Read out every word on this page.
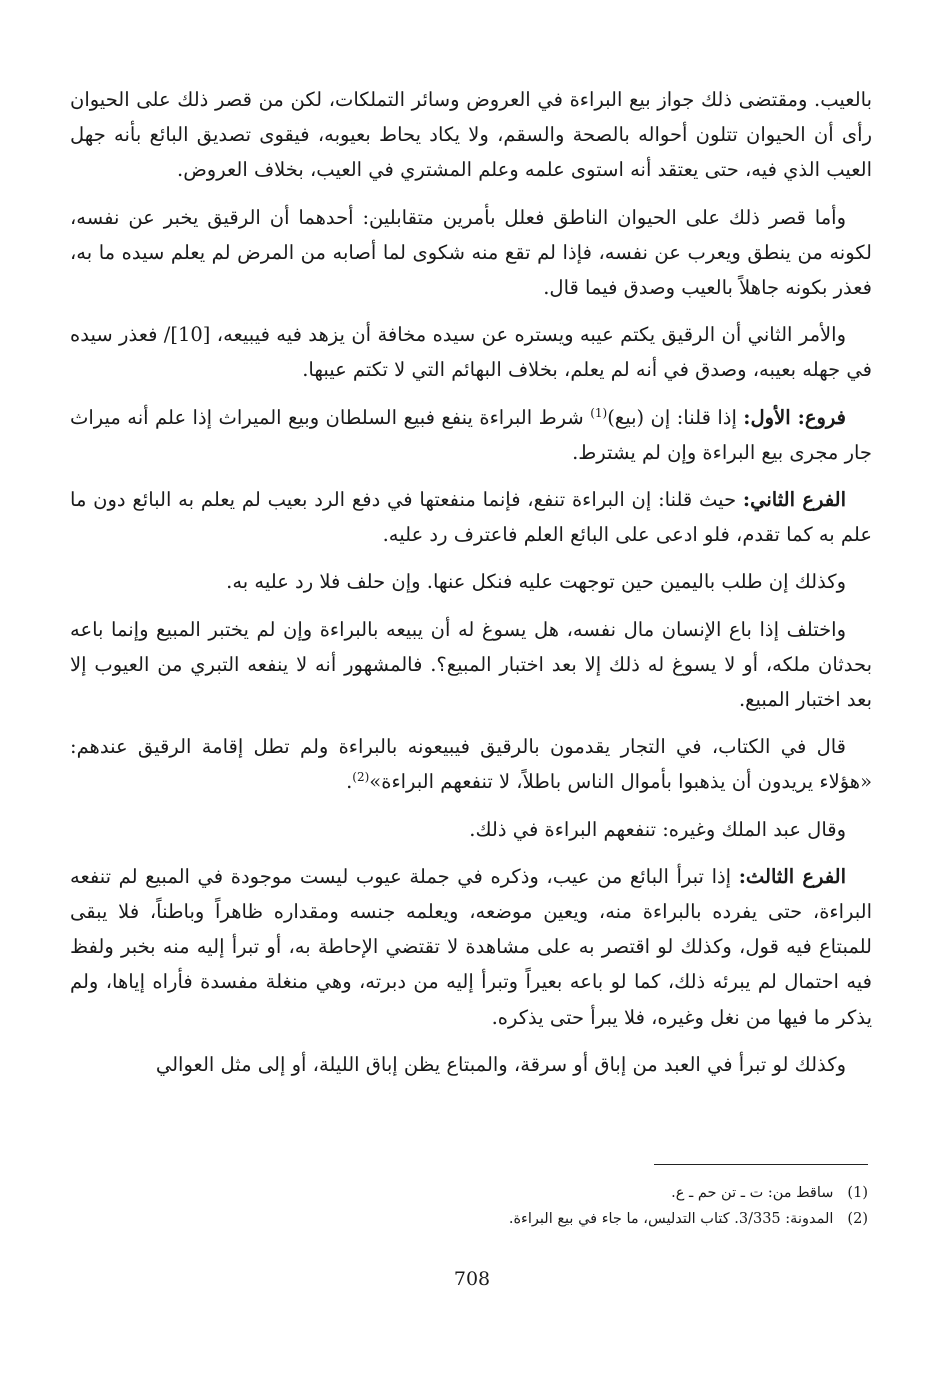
بالعيب. ومقتضى ذلك جواز بيع البراءة في العروض وسائر التملكات، لكن من قصر ذلك على الحيوان رأى أن الحيوان تتلون أحواله بالصحة والسقم، ولا يكاد يحاط بعيوبه، فيقوى تصديق البائع بأنه جهل العيب الذي فيه، حتى يعتقد أنه استوى علمه وعلم المشتري في العيب، بخلاف العروض.

وأما قصر ذلك على الحيوان الناطق فعلل بأمرين متقابلين: أحدهما أن الرقيق يخبر عن نفسه، لكونه من ينطق ويعرب عن نفسه، فإذا لم تقع منه شكوى لما أصابه من المرض لم يعلم سيده ما به، فعذر بكونه جاهلاً بالعيب وصدق فيما قال.

والأمر الثاني أن الرقيق يكتم عيبه ويستره عن سيده مخافة أن يزهد فيه فيبيعه، /[10] فعذر سيده في جهله بعيبه، وصدق في أنه لم يعلم، بخلاف البهائم التي لا تكتم عيبها.

فروع: الأول: إذا قلنا: إن (بيع)$^{(1)}$ شرط البراءة ينفع فبيع السلطان وبيع الميراث إذا علم أنه ميراث جار مجرى بيع البراءة وإن لم يشترط.

الفرع الثاني: حيث قلنا: إن البراءة تنفع، فإنما منفعتها في دفع الرد بعيب لم يعلم به البائع دون ما علم به كما تقدم، فلو ادعى على البائع العلم فاعترف رد عليه.

وكذلك إن طلب باليمين حين توجهت عليه فنكل عنها. وإن حلف فلا رد عليه به.

واختلف إذا باع الإنسان مال نفسه، هل يسوغ له أن يبيعه بالبراءة وإن لم يختبر المبيع وإنما باعه بحدثان ملكه، أو لا يسوغ له ذلك إلا بعد اختبار المبيع؟. فالمشهور أنه لا ينفعه التبري من العيوب إلا بعد اختبار المبيع.

قال في الكتاب، في التجار يقدمون بالرقيق فيبيعونه بالبراءة ولم تطل إقامة الرقيق عندهم: «هؤلاء يريدون أن يذهبوا بأموال الناس باطلاً، لا تنفعهم البراءة»$^{(2)}$.

وقال عبد الملك وغيره: تنفعهم البراءة في ذلك.

الفرع الثالث: إذا تبرأ البائع من عيب، وذكره في جملة عيوب ليست موجودة في المبيع لم تنفعه البراءة، حتى يفرده بالبراءة منه، ويعين موضعه، ويعلمه جنسه ومقداره ظاهراً وباطناً، فلا يبقى للمبتاع فيه قول، وكذلك لو اقتصر به على مشاهدة لا تقتضي الإحاطة به، أو تبرأ إليه منه بخبر ولفظ فيه احتمال لم يبرئه ذلك، كما لو باعه بعيراً وتبرأ إليه من دبرته، وهي منغلة مفسدة فأراه إياها، ولم يذكر ما فيها من نغل وغيره، فلا يبرأ حتى يذكره.

وكذلك لو تبرأ في العبد من إباق أو سرقة، والمبتاع يظن إباق الليلة، أو إلى مثل العوالي

(1)ساقط من: ت ـ تن حم ـ ع.
(2)المدونة: 3/335. كتاب التدليس، ما جاء في بيع البراءة.
708
